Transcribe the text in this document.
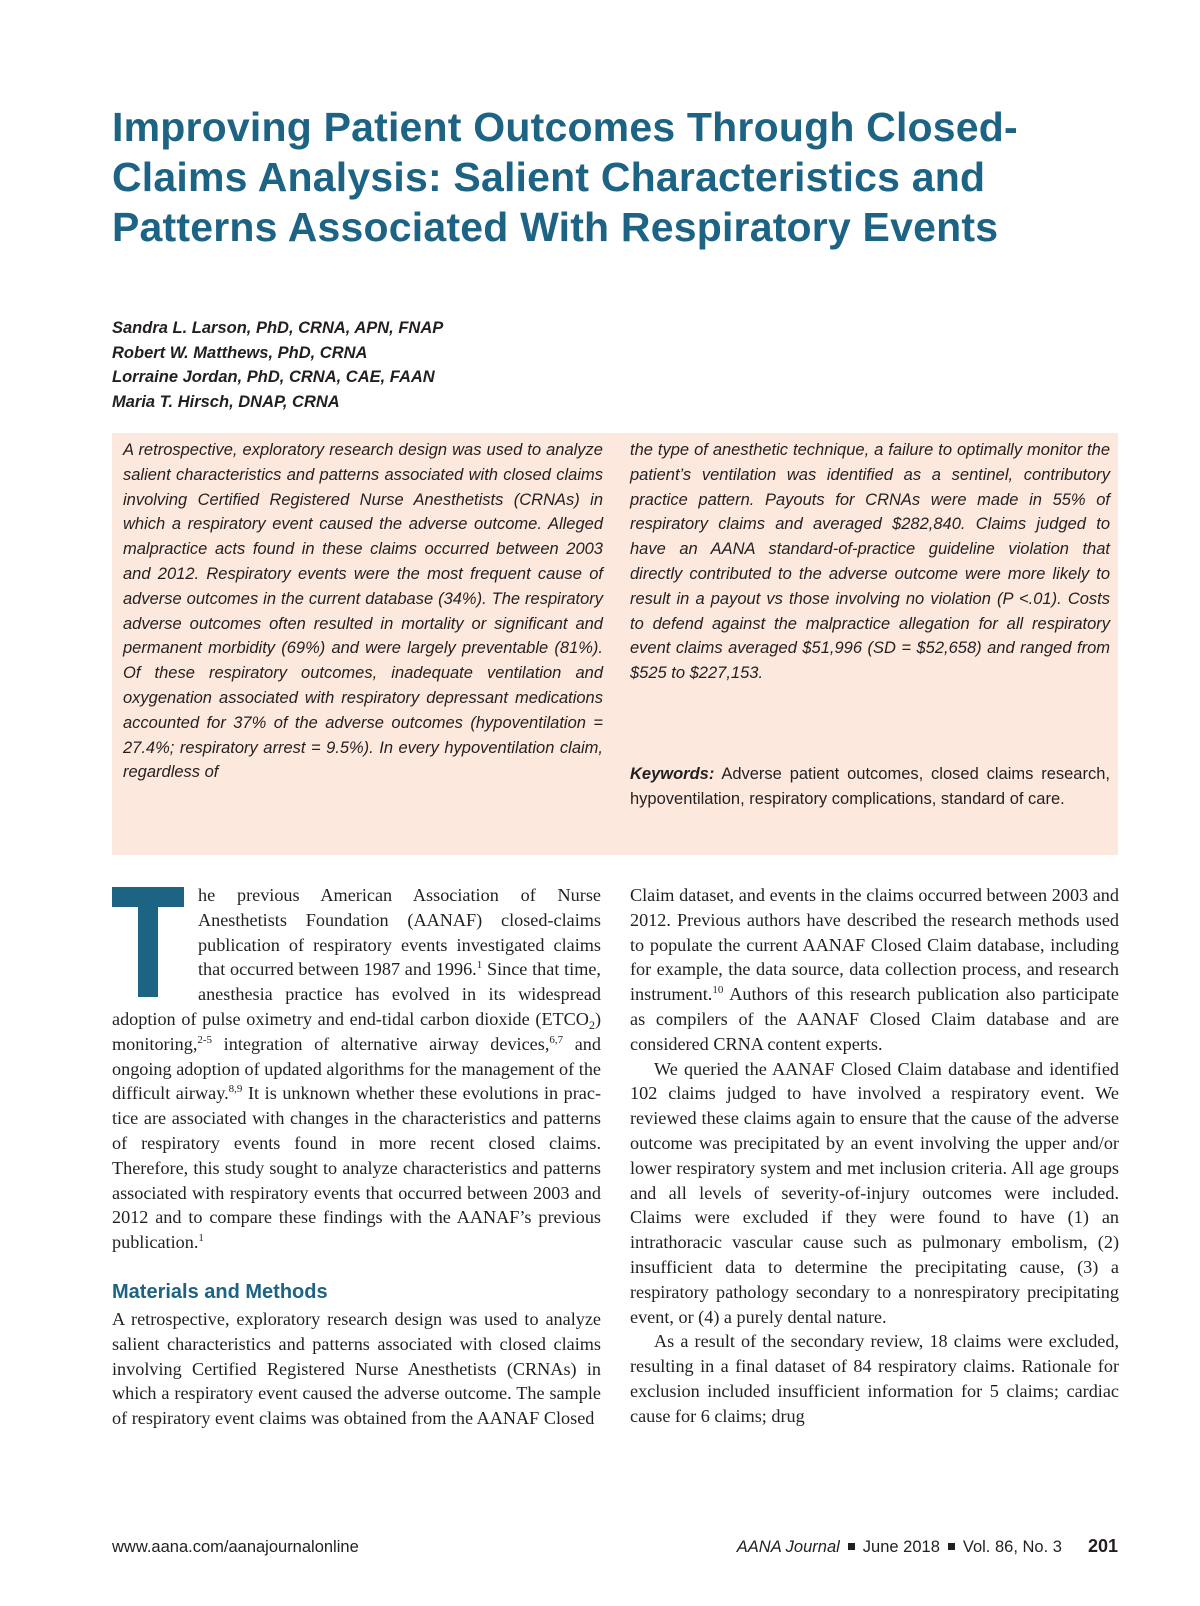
Improving Patient Outcomes Through Closed-
Claims Analysis: Salient Characteristics and
Patterns Associated With Respiratory Events
Sandra L. Larson, PhD, CRNA, APN, FNAP
Robert W. Matthews, PhD, CRNA
Lorraine Jordan, PhD, CRNA, CAE, FAAN
Maria T. Hirsch, DNAP, CRNA
A retrospective, exploratory research design was used to analyze salient characteristics and patterns associated with closed claims involving Certified Registered Nurse Anesthetists (CRNAs) in which a respiratory event caused the adverse outcome. Alleged malpractice acts found in these claims occurred between 2003 and 2012. Respiratory events were the most frequent cause of adverse outcomes in the current database (34%). The respiratory adverse outcomes often resulted in mortality or significant and permanent morbidity (69%) and were largely preventable (81%). Of these respiratory outcomes, inadequate ventilation and oxygenation associated with respiratory depressant medications accounted for 37% of the adverse outcomes (hypoventilation = 27.4%; respiratory arrest = 9.5%). In every hypoventilation claim, regardless of
the type of anesthetic technique, a failure to optimally monitor the patient’s ventilation was identified as a sentinel, contributory practice pattern. Payouts for CRNAs were made in 55% of respiratory claims and averaged $282,840. Claims judged to have an AANA standard-of-practice guideline violation that directly contributed to the adverse outcome were more likely to result in a payout vs those involving no violation (P <.01). Costs to defend against the malpractice allegation for all respiratory event claims averaged $51,996 (SD = $52,658) and ranged from $525 to $227,153.
Keywords: Adverse patient outcomes, closed claims research, hypoventilation, respiratory complications, standard of care.

he previous American Association of Nurse Anesthetists Foundation (AANAF) closed-claims publication of respiratory events investigated claims that occurred between 1987 and 1996.$^1$ Since that time, anesthesia practice has evolved in its widespread adoption of pulse oximetry and end-tidal carbon dioxide $(ETCO_2)$ monitoring,$^{2-5}$ integration of alternative airway devices,$^{6,7}$ and ongoing adoption of updated algorithms for the management of the difficult airway.$^{8,9}$ It is unknown whether these evolutions in practice are associated with changes in the characteristics and patterns of respiratory events found in more recent closed claims. Therefore, this study sought to analyze characteristics and patterns associated with respiratory events that occurred between 2003 and 2012 and to compare these findings with the AANAF’s previous publication.$^1$

Materials and Methods

A retrospective, exploratory research design was used to analyze salient characteristics and patterns associated with closed claims involving Certified Registered Nurse Anesthetists (CRNAs) in which a respiratory event caused the adverse outcome. The sample of respiratory event claims was obtained from the AANAF Closed

Claim dataset, and events in the claims occurred between 2003 and 2012. Previous authors have described the research methods used to populate the current AANAF Closed Claim database, including for example, the data source, data collection process, and research instrument.$^{10}$ Authors of this research publication also participate as compilers of the AANAF Closed Claim database and are considered CRNA content experts.

We queried the AANAF Closed Claim database and identified 102 claims judged to have involved a respiratory event. We reviewed these claims again to ensure that the cause of the adverse outcome was precipitated by an event involving the upper and/or lower respiratory system and met inclusion criteria. All age groups and all levels of severity-of-injury outcomes were included. Claims were excluded if they were found to have (1) an intrathoracic vascular cause such as pulmonary embolism, (2) insufficient data to determine the precipitating cause, (3) a respiratory pathology secondary to a nonrespiratory precipitating event, or (4) a purely dental nature.

As a result of the secondary review, 18 claims were excluded, resulting in a final dataset of 84 respiratory claims. Rationale for exclusion included insufficient information for 5 claims; cardiac cause for 6 claims; drug

www.aana.com/aanajournalonline	AANA Journal June 2018 Vol. 86, No. 3 201
